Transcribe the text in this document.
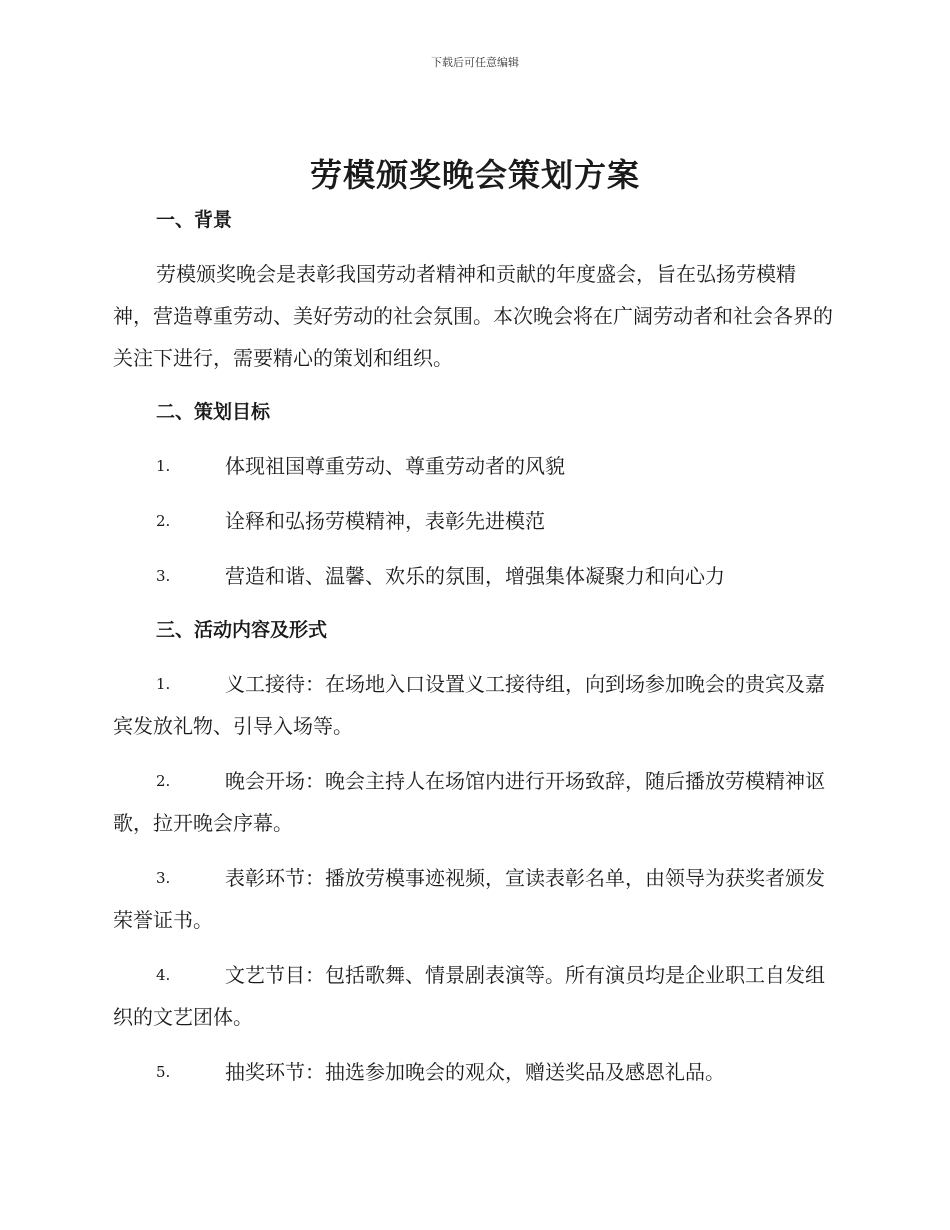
下载后可任意编辑
劳模颁奖晚会策划方案
一、背景

劳模颁奖晚会是表彰我国劳动者精神和贡献的年度盛会，旨在弘扬劳模精神，营造尊重劳动、美好劳动的社会氛围。本次晚会将在广阔劳动者和社会各界的关注下进行，需要精心的策划和组织。

二、策划目标
1.	体现祖国尊重劳动、尊重劳动者的风貌
2.	诠释和弘扬劳模精神，表彰先进模范
3.	营造和谐、温馨、欢乐的氛围，增强集体凝聚力和向心力
三、活动内容及形式
1.	义工接待：在场地入口设置义工接待组，向到场参加晚会的贵宾及嘉宾发放礼物、引导入场等。
2.	晚会开场：晚会主持人在场馆内进行开场致辞，随后播放劳模精神讴歌，拉开晚会序幕。
3.	表彰环节：播放劳模事迹视频，宣读表彰名单，由领导为获奖者颁发荣誉证书。
4.	文艺节目：包括歌舞、情景剧表演等。所有演员均是企业职工自发组织的文艺团体。
5.	抽奖环节：抽选参加晚会的观众，赠送奖品及感恩礼品。
